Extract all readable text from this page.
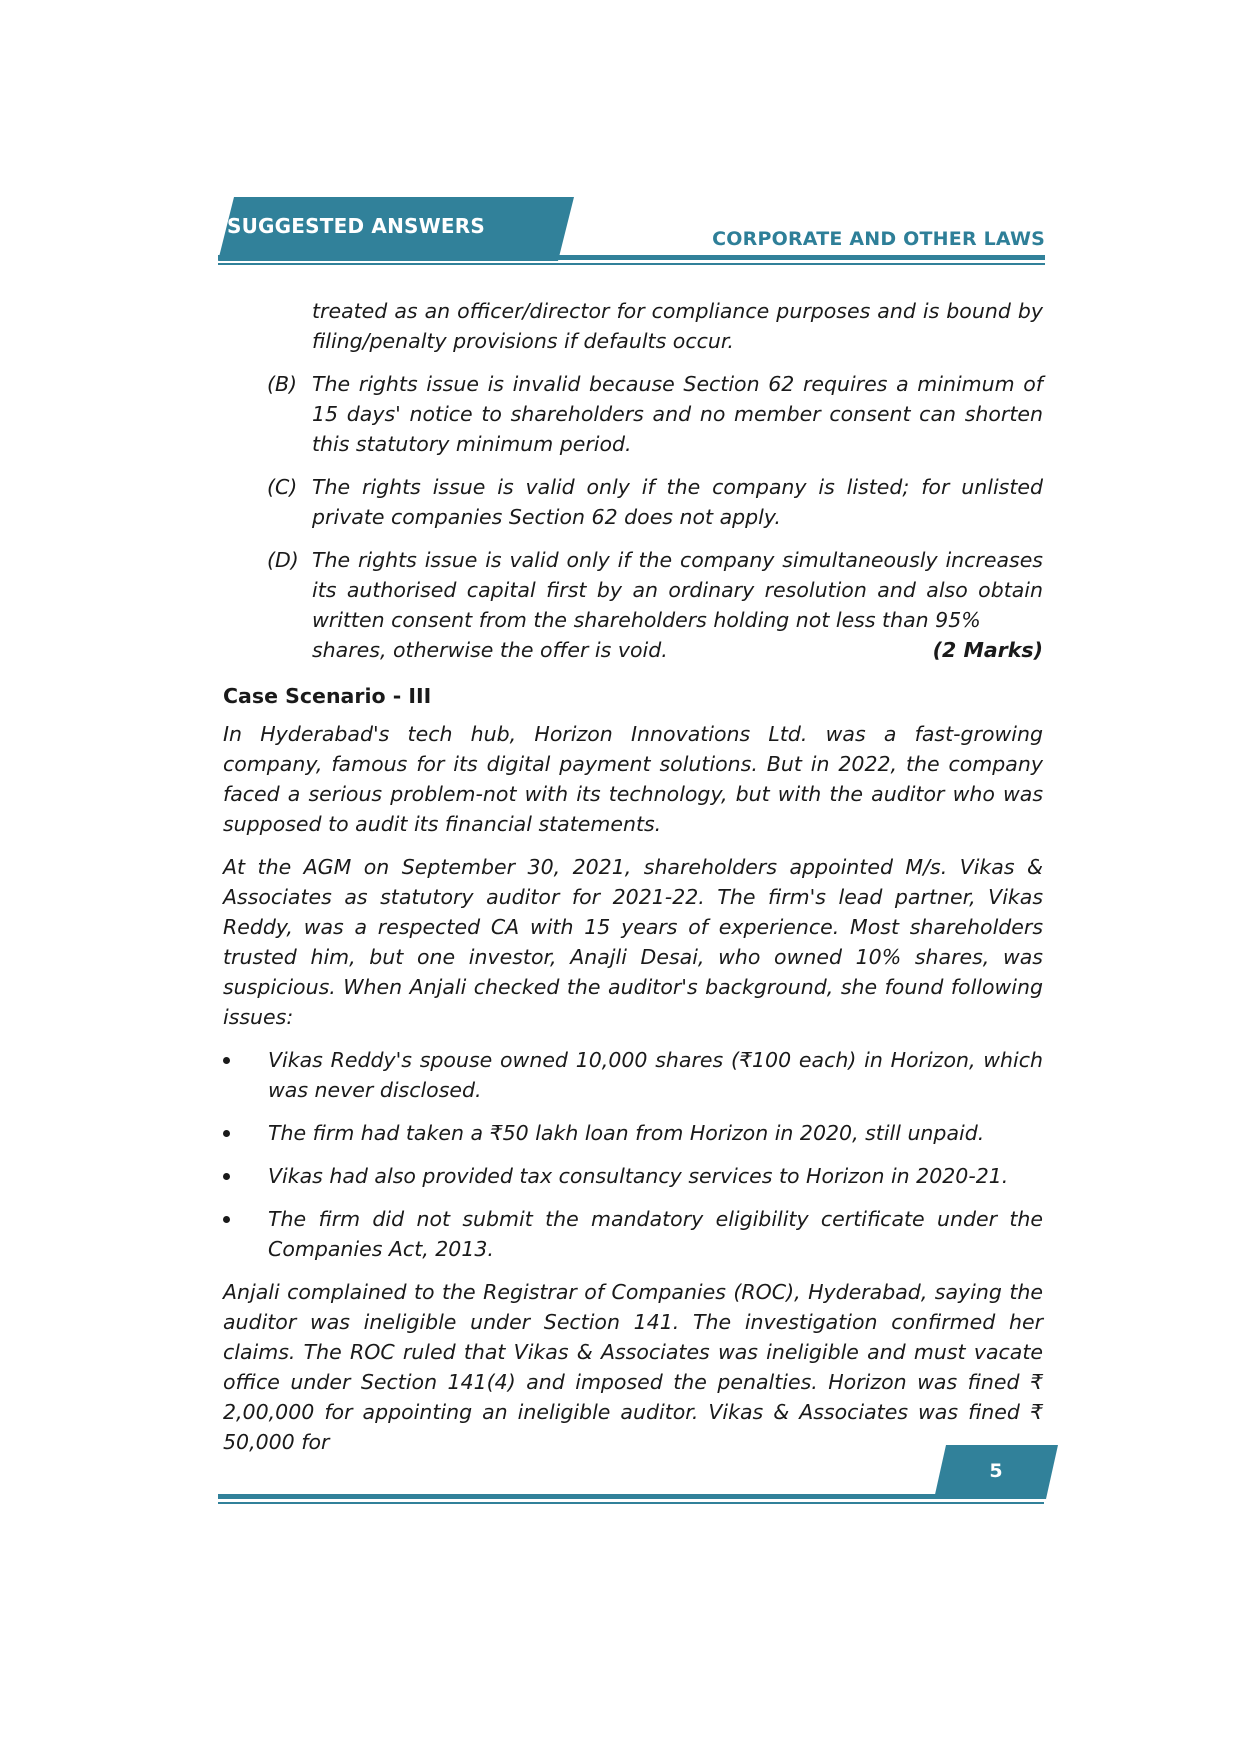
SUGGESTED ANSWERS
CORPORATE AND OTHER LAWS

treated as an officer/director for compliance purposes and is bound by filing/penalty provisions if defaults occur.

(B) The rights issue is invalid because Section 62 requires a minimum of 15 days' notice to shareholders and no member consent can shorten this statutory minimum period.
(C) The rights issue is valid only if the company is listed; for unlisted private companies Section 62 does not apply.
(D) The rights issue is valid only if the company simultaneously increases its authorised capital first by an ordinary resolution and also obtain written consent from the shareholders holding not less than 95%
shares, otherwise the offer is void.	(2 Marks)

Case Scenario - III

In Hyderabad's tech hub, Horizon Innovations Ltd. was a fast-growing company, famous for its digital payment solutions. But in 2022, the company faced a serious problem-not with its technology, but with the auditor who was supposed to audit its financial statements.

At the AGM on September 30, 2021, shareholders appointed M/s. Vikas & Associates as statutory auditor for 2021-22. The firm's lead partner, Vikas Reddy, was a respected CA with 15 years of experience. Most shareholders trusted him, but one investor, Anajli Desai, who owned 10% shares, was suspicious. When Anjali checked the auditor's background, she found following issues:

Vikas Reddy's spouse owned 10,000 shares (₹100 each) in Horizon, which was never disclosed.
The firm had taken a ₹50 lakh loan from Horizon in 2020, still unpaid.
Vikas had also provided tax consultancy services to Horizon in 2020-21.
The firm did not submit the mandatory eligibility certificate under the Companies Act, 2013.

Anjali complained to the Registrar of Companies (ROC), Hyderabad, saying the auditor was ineligible under Section 141. The investigation confirmed her claims. The ROC ruled that Vikas & Associates was ineligible and must vacate office under Section 141(4) and imposed the penalties. Horizon was fined ₹ 2,00,000 for appointing an ineligible auditor. Vikas & Associates was fined ₹ 50,000 for

5
